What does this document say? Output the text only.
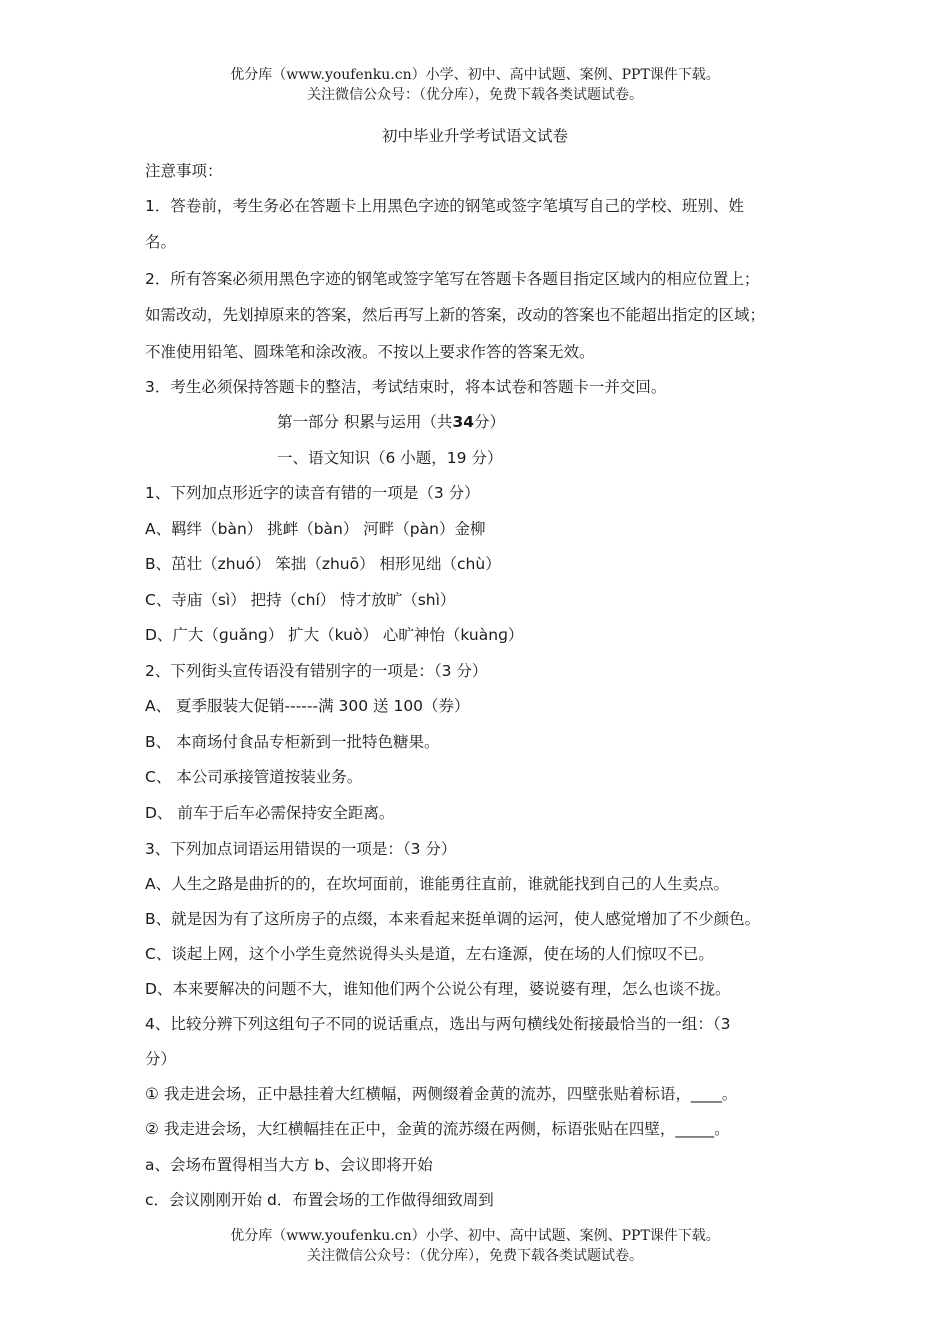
优分库（www.youfenku.cn）小学、初中、高中试题、案例、PPT课件下载。
关注微信公众号：（优分库），免费下载各类试题试卷。
初中毕业升学考试语文试卷
注意事项：
1．答卷前，考生务必在答题卡上用黑色字迹的钢笔或签字笔填写自己的学校、班别、姓
名。
2．所有答案必须用黑色字迹的钢笔或签字笔写在答题卡各题目指定区域内的相应位置上；
如需改动，先划掉原来的答案，然后再写上新的答案，改动的答案也不能超出指定的区域；
不准使用铅笔、圆珠笔和涂改液。不按以上要求作答的答案无效。
3．考生必须保持答题卡的整洁，考试结束时，将本试卷和答题卡一并交回。
第一部分 积累与运用（共34分）
一、语文知识（6 小题，19 分）
1、下列加点形近字的读音有错的一项是（3 分）
A、羁绊（bàn） 挑衅（bàn） 河畔（pàn）金柳
B、茁壮（zhuó） 笨拙（zhuō） 相形见绌（chù）
C、寺庙（sì） 把持（chí） 恃才放旷（shì）
D、广大（ɡuǎnɡ） 扩大（kuò） 心旷神怡（kuànɡ）
2、下列街头宣传语没有错别字的一项是：（3 分）
A、 夏季服装大促销------满 300 送 100（券）
B、 本商场付食品专柜新到一批特色糖果。
C、 本公司承接管道按装业务。
D、 前车于后车必需保持安全距离。
3、下列加点词语运用错误的一项是：（3 分）
A、人生之路是曲折的的，在坎坷面前，谁能勇往直前，谁就能找到自己的人生卖点。
B、就是因为有了这所房子的点缀，本来看起来挺单调的运河，使人感觉增加了不少颜色。
C、谈起上网，这个小学生竟然说得头头是道，左右逢源，使在场的人们惊叹不已。
D、本来要解决的问题不大，谁知他们两个公说公有理，婆说婆有理，怎么也谈不拢。
4、比较分辨下列这组句子不同的说话重点，选出与两句横线处衔接最恰当的一组：（3
分）
① 我走进会场，正中悬挂着大红横幅，两侧缀着金黄的流苏，四壁张贴着标语，____。
② 我走进会场，大红横幅挂在正中，金黄的流苏缀在两侧，标语张贴在四壁，_____。
a、会场布置得相当大方 b、会议即将开始
c．会议刚刚开始 d．布置会场的工作做得细致周到
优分库（www.youfenku.cn）小学、初中、高中试题、案例、PPT课件下载。
关注微信公众号：（优分库），免费下载各类试题试卷。
